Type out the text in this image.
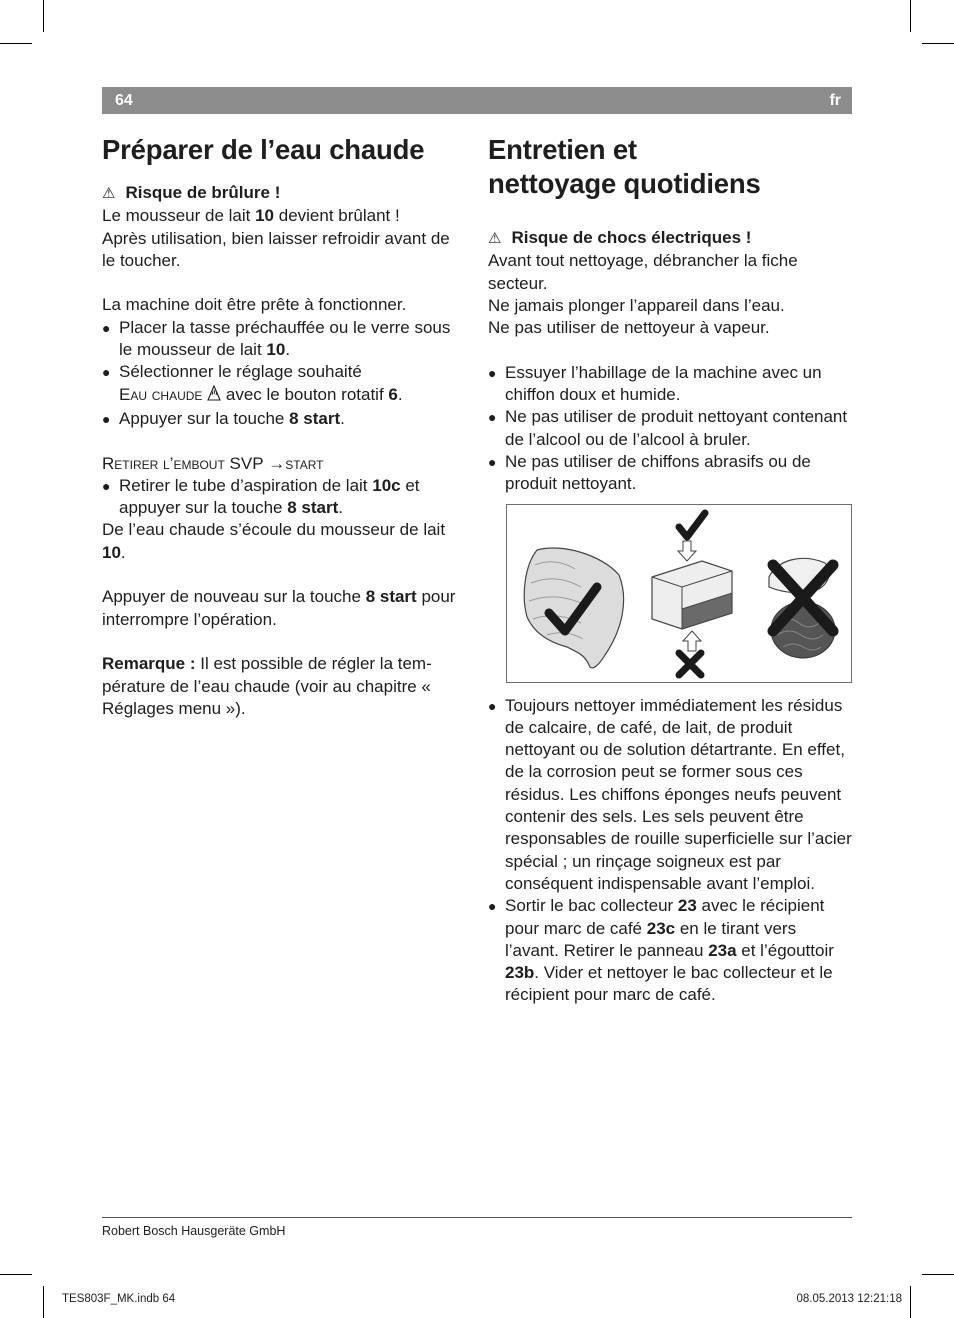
64	fr
Préparer de l’eau chaude

⚠ Risque de brûlure !

Le mousseur de lait 10 devient brûlant !

Après utilisation, bien laisser refroidir avant de le toucher.

La machine doit être prête à fonctionner.

● Placer la tasse préchauffée ou le verre sous le mousseur de lait 10.
● Sélectionner le réglage souhaité
Eau chaude  avec le bouton rotatif 6.
● Appuyer sur la touche 8 start.

Retirer l’embout SVP →start

● Retirer le tube d’aspiration de lait 10c et appuyer sur la touche 8 start.

De l’eau chaude s’écoule du mousseur de lait 10.

Appuyer de nouveau sur la touche 8 start pour interrompre l’opération.

Remarque : Il est possible de régler la température de l’eau chaude (voir au chapitre « Réglages menu »).

Entretien et
nettoyage quotidiens

⚠ Risque de chocs électriques !

Avant tout nettoyage, débrancher la fiche secteur.

Ne jamais plonger l’appareil dans l’eau.

Ne pas utiliser de nettoyeur à vapeur.

● Essuyer l’habillage de la machine avec un chiffon doux et humide.
● Ne pas utiliser de produit nettoyant contenant de l’alcool ou de l’alcool à bruler.
● Ne pas utiliser de chiffons abrasifs ou de produit nettoyant.
● Toujours nettoyer immédiatement les résidus de calcaire, de café, de lait, de produit nettoyant ou de solution détartrante. En effet, de la corrosion peut se former sous ces résidus. Les chiffons éponges neufs peuvent contenir des sels. Les sels peuvent être responsables de rouille superficielle sur l’acier spécial ; un rinçage soigneux est par conséquent indispensable avant l’emploi.
● Sortir le bac collecteur 23 avec le récipient pour marc de café 23c en le tirant vers l’avant. Retirer le panneau 23a et l’égouttoir 23b. Vider et nettoyer le bac collecteur et le récipient pour marc de café.
Robert Bosch Hausgeräte GmbH
TES803F_MK.indb 64	08.05.2013 12:21:18
